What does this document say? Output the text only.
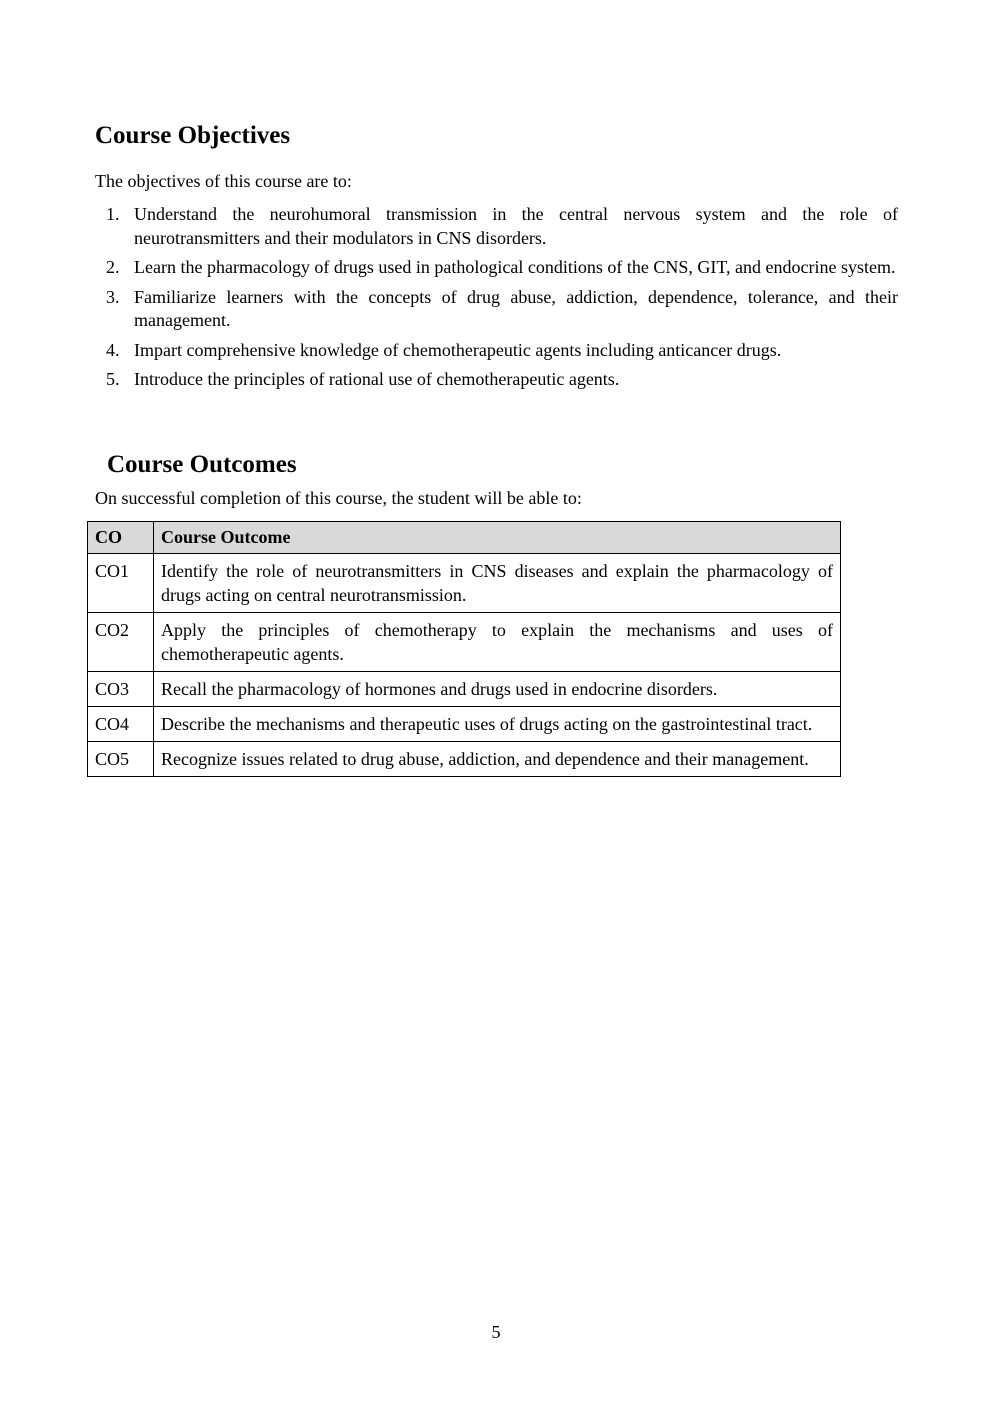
Course Objectives

The objectives of this course are to:

1. Understand the neurohumoral transmission in the central nervous system and the role of neurotransmitters and their modulators in CNS disorders.
2. Learn the pharmacology of drugs used in pathological conditions of the CNS, GIT, and endocrine system.
3. Familiarize learners with the concepts of drug abuse, addiction, dependence, tolerance, and their management.
4. Impart comprehensive knowledge of chemotherapeutic agents including anticancer drugs.
5. Introduce the principles of rational use of chemotherapeutic agents.
Course Outcomes

On successful completion of this course, the student will be able to:

CO	Course Outcome
CO1	Identify the role of neurotransmitters in CNS diseases and explain the pharmacology of drugs acting on central neurotransmission.
CO2	Apply the principles of chemotherapy to explain the mechanisms and uses of chemotherapeutic agents.
CO3	Recall the pharmacology of hormones and drugs used in endocrine disorders.
CO4	Describe the mechanisms and therapeutic uses of drugs acting on the gastrointestinal tract.
CO5	Recognize issues related to drug abuse, addiction, and dependence and their management.
5
